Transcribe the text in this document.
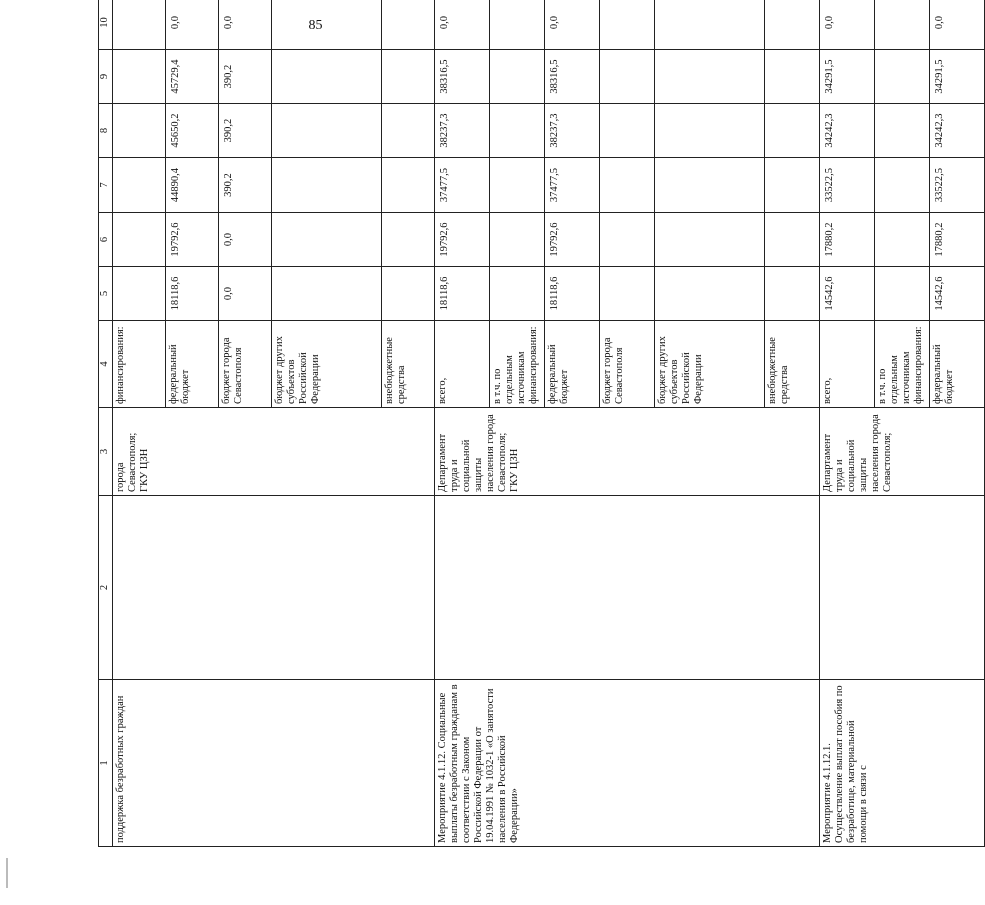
85
1	2	3	4	5	6	7	8	9	10	
поддержка безработных граждан		города Севастополя; ГКУ ЦЗН	финансирования:							
			федеральный бюджет	18118,6	19792,6	44890,4	45650,2	45729,4	0,0	
			бюджет города Севастополя	0,0	0,0	390,2	390,2	390,2	0,0	
			бюджет других субъектов Российской Федерации							
			внебюджетные средства							
Мероприятие 4.1.12. Социальные выплаты безработным гражданам в соответствии с Законом Российской Федерации от 19.04.1991 № 1032-1 «О занятости населения в Российской Федерации»		Департамент труда и социальной защиты населения города Севастополя; ГКУ ЦЗН	всего,	18118,6	19792,6	37477,5	38237,3	38316,5	0,0	
			в т.ч. по отдельным источникам финансирования:							
			федеральный бюджет	18118,6	19792,6	37477,5	38237,3	38316,5	0,0	
			бюджет города Севастополя							
			бюджет других субъектов Российской Федерации							
			внебюджетные средства							
Мероприятие 4.1.12.1. Осуществление выплат пособия по безработице, материальной помощи в связи с		Департамент труда и социальной защиты населения города Севастополя;	всего,	14542,6	17880,2	33522,5	34242,3	34291,5	0,0	
			в т.ч. по отдельным источникам финансирования:							
			федеральный бюджет	14542,6	17880,2	33522,5	34242,3	34291,5	0,0	
